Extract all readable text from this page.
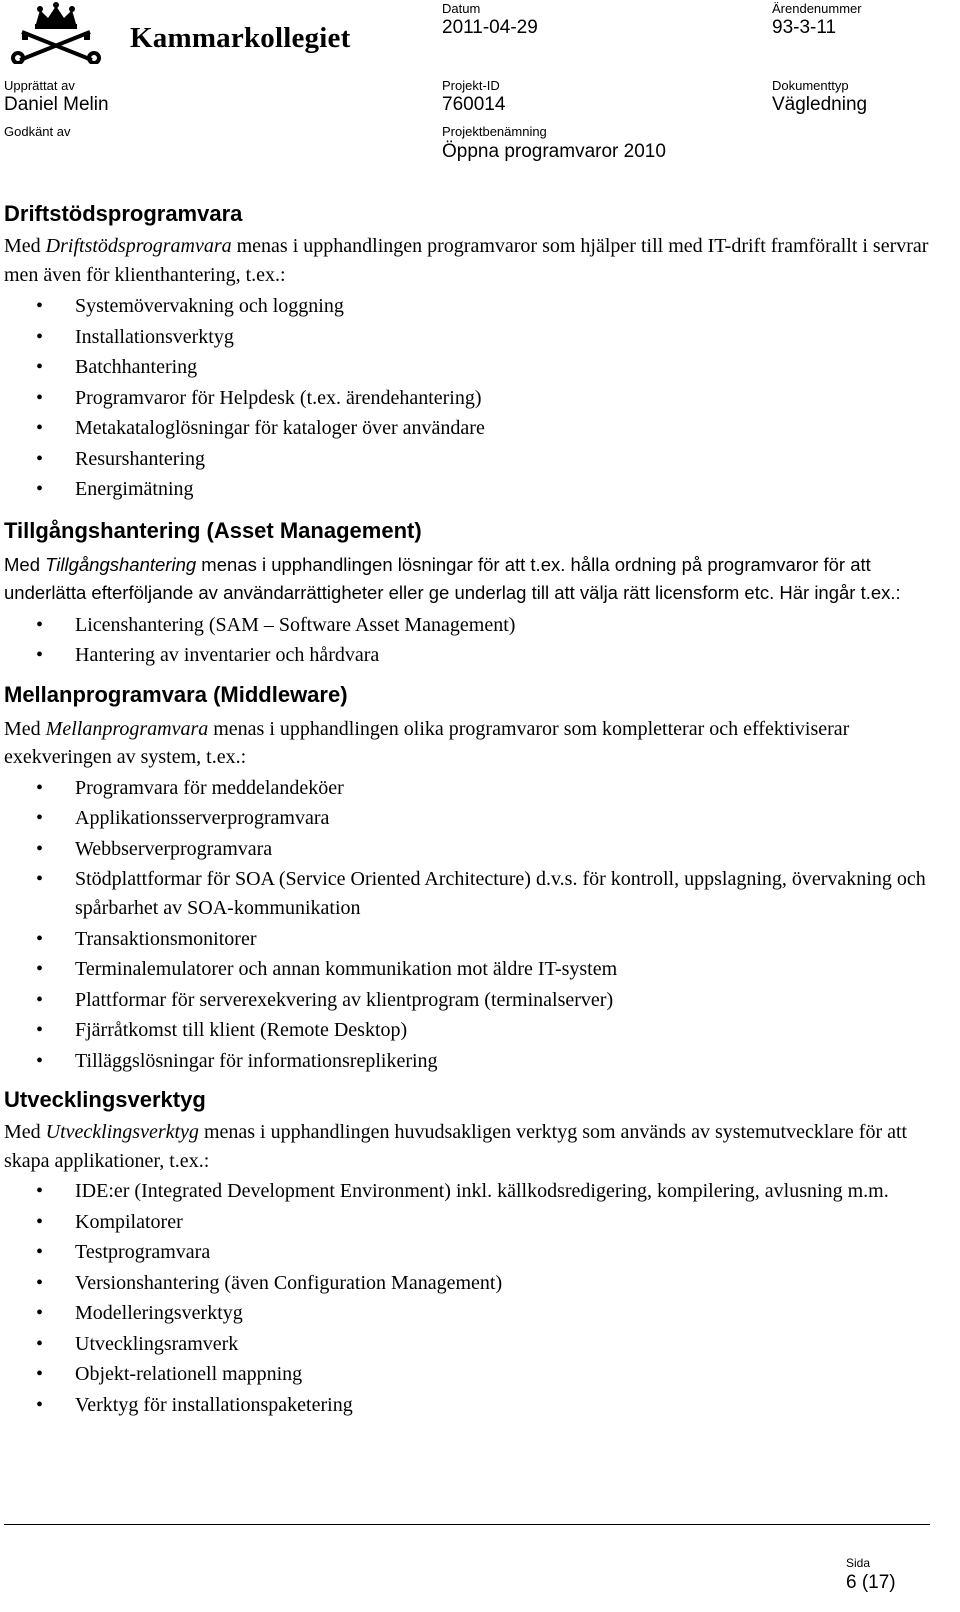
Kammarkollegiet
Datum
2011-04-29
Ärendenummer
93-3-11
Upprättat av
Daniel Melin
Projekt-ID
760014
Dokumenttyp
Vägledning
Godkänt av	Projektbenämning
Öppna programvaror 2010
Driftstödsprogramvara

Med Driftstödsprogramvara menas i upphandlingen programvaror som hjälper till med IT-drift framförallt i servrar men även för klienthantering, t.ex.:

• Systemövervakning och loggning
• Installationsverktyg
• Batchhantering
• Programvaror för Helpdesk (t.ex. ärendehantering)
• Metakataloglösningar för kataloger över användare
• Resurshantering
• Energimätning
Tillgångshantering (Asset Management)

Med Tillgångshantering menas i upphandlingen lösningar för att t.ex. hålla ordning på programvaror för att underlätta efterföljande av användarrättigheter eller ge underlag till att välja rätt licensform etc. Här ingår t.ex.:

• Licenshantering (SAM – Software Asset Management)
• Hantering av inventarier och hårdvara
Mellanprogramvara (Middleware)

Med Mellanprogramvara menas i upphandlingen olika programvaror som kompletterar och effektiviserar exekveringen av system, t.ex.:

• Programvara för meddelandeköer
• Applikationsserverprogramvara
• Webbserverprogramvara
• Stödplattformar för SOA (Service Oriented Architecture) d.v.s. för kontroll, uppslagning, övervakning och spårbarhet av SOA-kommunikation
• Transaktionsmonitorer
• Terminalemulatorer och annan kommunikation mot äldre IT-system
• Plattformar för serverexekvering av klientprogram (terminalserver)
• Fjärråtkomst till klient (Remote Desktop)
• Tilläggslösningar för informationsreplikering
Utvecklingsverktyg

Med Utvecklingsverktyg menas i upphandlingen huvudsakligen verktyg som används av systemutvecklare för att skapa applikationer, t.ex.:

• IDE:er (Integrated Development Environment) inkl. källkodsredigering, kompilering, avlusning m.m.
• Kompilatorer
• Testprogramvara
• Versionshantering (även Configuration Management)
• Modelleringsverktyg
• Utvecklingsramverk
• Objekt-relationell mappning
• Verktyg för installationspaketering
Sida
6 (17)
